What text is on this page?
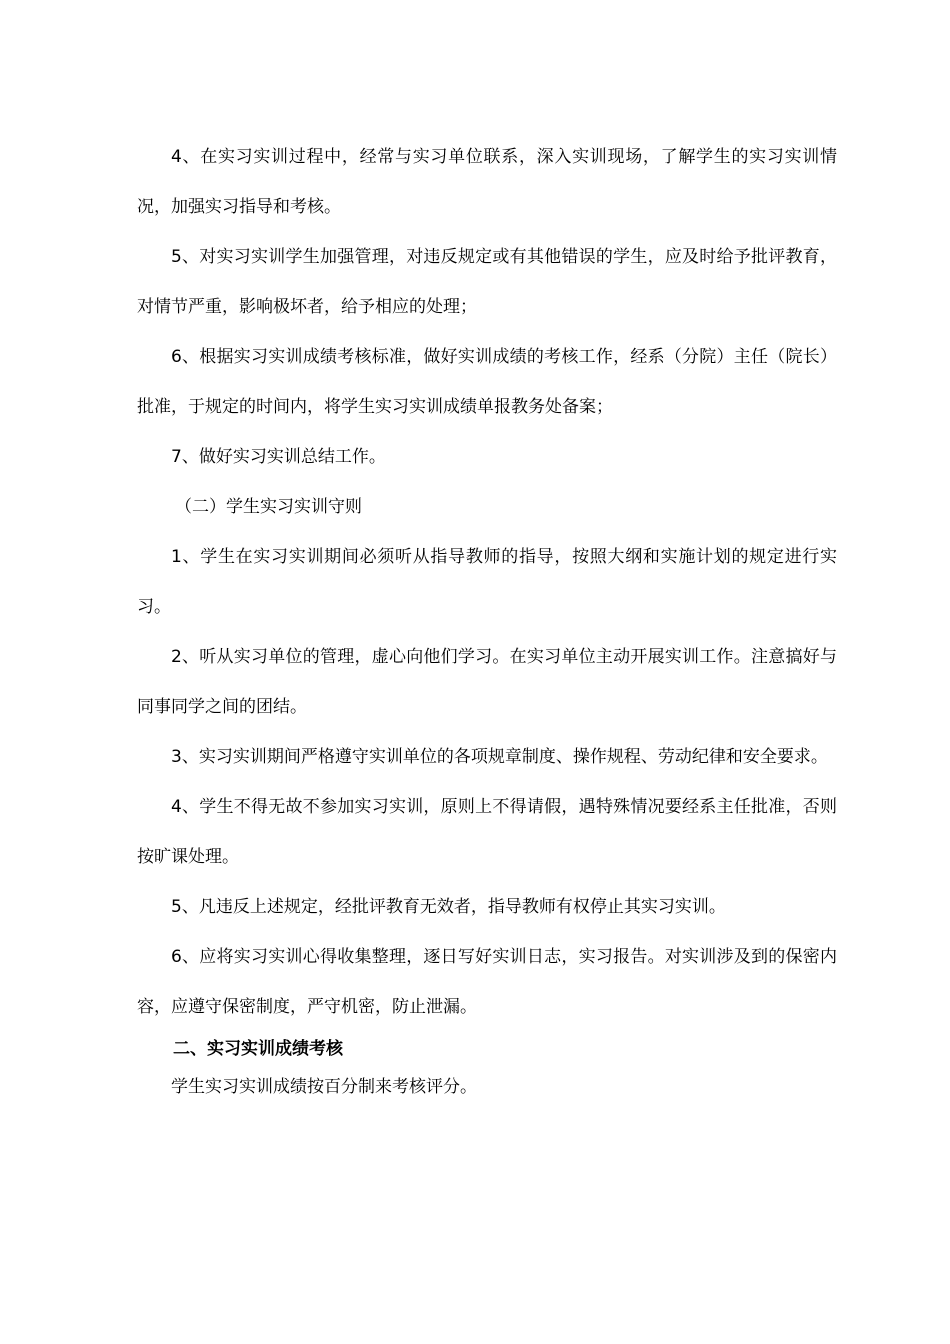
4、在实习实训过程中，经常与实习单位联系，深入实训现场，了解学生的实习实训情况，加强实习指导和考核。

5、对实习实训学生加强管理，对违反规定或有其他错误的学生，应及时给予批评教育，对情节严重，影响极坏者，给予相应的处理；

6、根据实习实训成绩考核标准，做好实训成绩的考核工作，经系（分院）主任（院长）批准，于规定的时间内，将学生实习实训成绩单报教务处备案；

7、做好实习实训总结工作。

（二）学生实习实训守则

1、学生在实习实训期间必须听从指导教师的指导，按照大纲和实施计划的规定进行实习。

2、听从实习单位的管理，虚心向他们学习。在实习单位主动开展实训工作。注意搞好与同事同学之间的团结。

3、实习实训期间严格遵守实训单位的各项规章制度、操作规程、劳动纪律和安全要求。

4、学生不得无故不参加实习实训，原则上不得请假，遇特殊情况要经系主任批准，否则按旷课处理。

5、凡违反上述规定，经批评教育无效者，指导教师有权停止其实习实训。

6、应将实习实训心得收集整理，逐日写好实训日志，实习报告。对实训涉及到的保密内容，应遵守保密制度，严守机密，防止泄漏。

二、实习实训成绩考核

学生实习实训成绩按百分制来考核评分。
